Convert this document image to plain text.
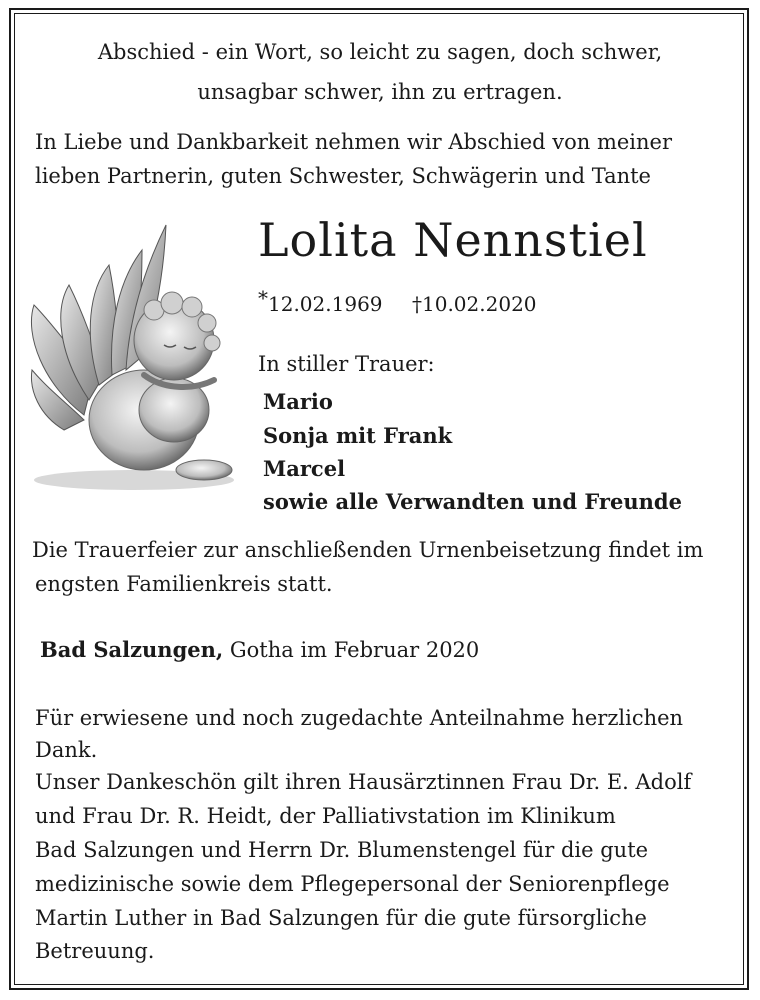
Abschied - ein Wort, so leicht zu sagen, doch schwer,

unsagbar schwer, ihn zu ertragen.

In Liebe und Dankbarkeit nehmen wir Abschied von meiner

lieben Partnerin, guten Schwester, Schwägerin und Tante

Lolita Nennstiel
*12.02.1969 †10.02.2020

In stiller Trauer:

Mario

Sonja mit Frank

Marcel

sowie alle Verwandten und Freunde

Die Trauerfeier zur anschließenden Urnenbeisetzung findet im

engsten Familienkreis statt.

Bad Salzungen, Gotha im Februar 2020

Für erwiesene und noch zugedachte Anteilnahme herzlichen

Dank.

Unser Dankeschön gilt ihren Hausärztinnen Frau Dr. E. Adolf

und Frau Dr. R. Heidt, der Palliativstation im Klinikum

Bad Salzungen und Herrn Dr. Blumenstengel für die gute

medizinische sowie dem Pflegepersonal der Seniorenpflege

Martin Luther in Bad Salzungen für die gute fürsorgliche

Betreuung.
